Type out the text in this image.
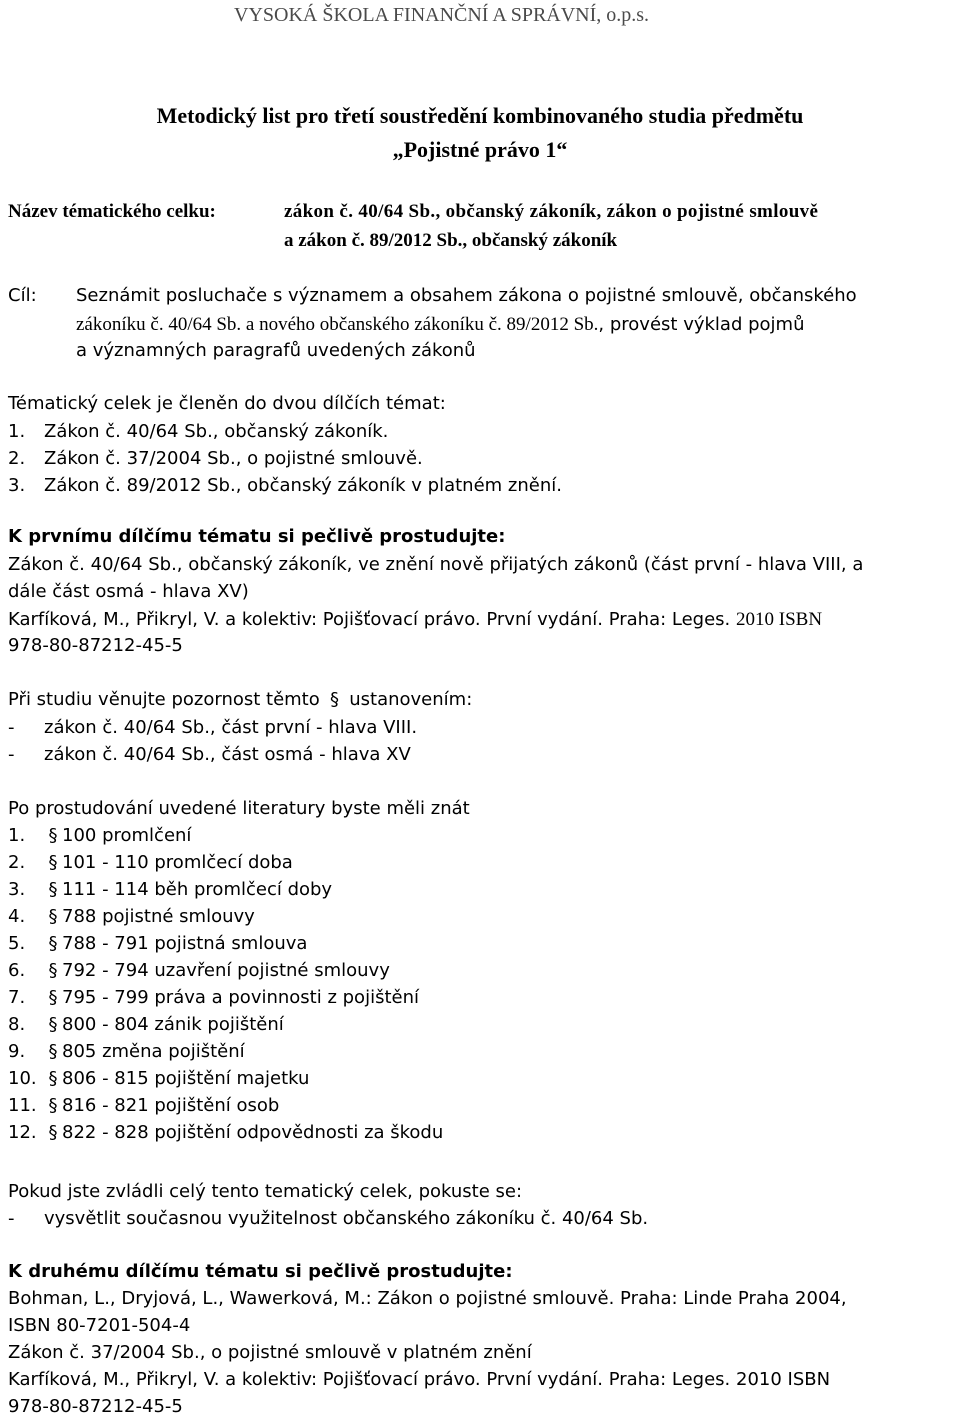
VYSOKÁ ŠKOLA FINANČNÍ A SPRÁVNÍ, o.p.s.
Metodický list pro třetí soustředění kombinovaného studia předmětu
„Pojistné právo 1“
Název tématického celku:	zákon č. 40/64 Sb., občanský zákoník, zákon o pojistné smlouvě
a zákon č. 89/2012 Sb., občanský zákoník
Cíl: Seznámit posluchače s významem a obsahem zákona o pojistné smlouvě, občanského
zákoníku č. 40/64 Sb. a nového občanského zákoníku č. 89/2012 Sb., provést výklad pojmů
a významných paragrafů uvedených zákonů
Tématický celek je členěn do dvou dílčích témat:
1. Zákon č. 40/64 Sb., občanský zákoník.
2. Zákon č. 37/2004 Sb., o pojistné smlouvě.
3. Zákon č. 89/2012 Sb., občanský zákoník v platném znění.
K prvnímu dílčímu tématu si pečlivě prostudujte:
Zákon č. 40/64 Sb., občanský zákoník, ve znění nově přijatých zákonů (část první - hlava VIII, a
dále část osmá - hlava XV)
Karfíková, M., Přikryl, V. a kolektiv: Pojišťovací právo. První vydání. Praha: Leges. 2010 ISBN
978-80-87212-45-5
Při studiu věnujte pozornost těmto § ustanovením:
- zákon č. 40/64 Sb., část první - hlava VIII.
- zákon č. 40/64 Sb., část osmá - hlava XV
Po prostudování uvedené literatury byste měli znát
1. § 100 promlčení
2. § 101 - 110 promlčecí doba
3. § 111 - 114 běh promlčecí doby
4. § 788 pojistné smlouvy
5. § 788 - 791 pojistná smlouva
6. § 792 - 794 uzavření pojistné smlouvy
7. § 795 - 799 práva a povinnosti z pojištění
8. § 800 - 804 zánik pojištění
9. § 805 změna pojištění
10. § 806 - 815 pojištění majetku
11. § 816 - 821 pojištění osob
12. § 822 - 828 pojištění odpovědnosti za škodu
Pokud jste zvládli celý tento tematický celek, pokuste se:
- vysvětlit současnou využitelnost občanského zákoníku č. 40/64 Sb.
K druhému dílčímu tématu si pečlivě prostudujte:
Bohman, L., Dryjová, L., Wawerková, M.: Zákon o pojistné smlouvě. Praha: Linde Praha 2004,
ISBN 80-7201-504-4
Zákon č. 37/2004 Sb., o pojistné smlouvě v platném znění
Karfíková, M., Přikryl, V. a kolektiv: Pojišťovací právo. První vydání. Praha: Leges. 2010 ISBN
978-80-87212-45-5
